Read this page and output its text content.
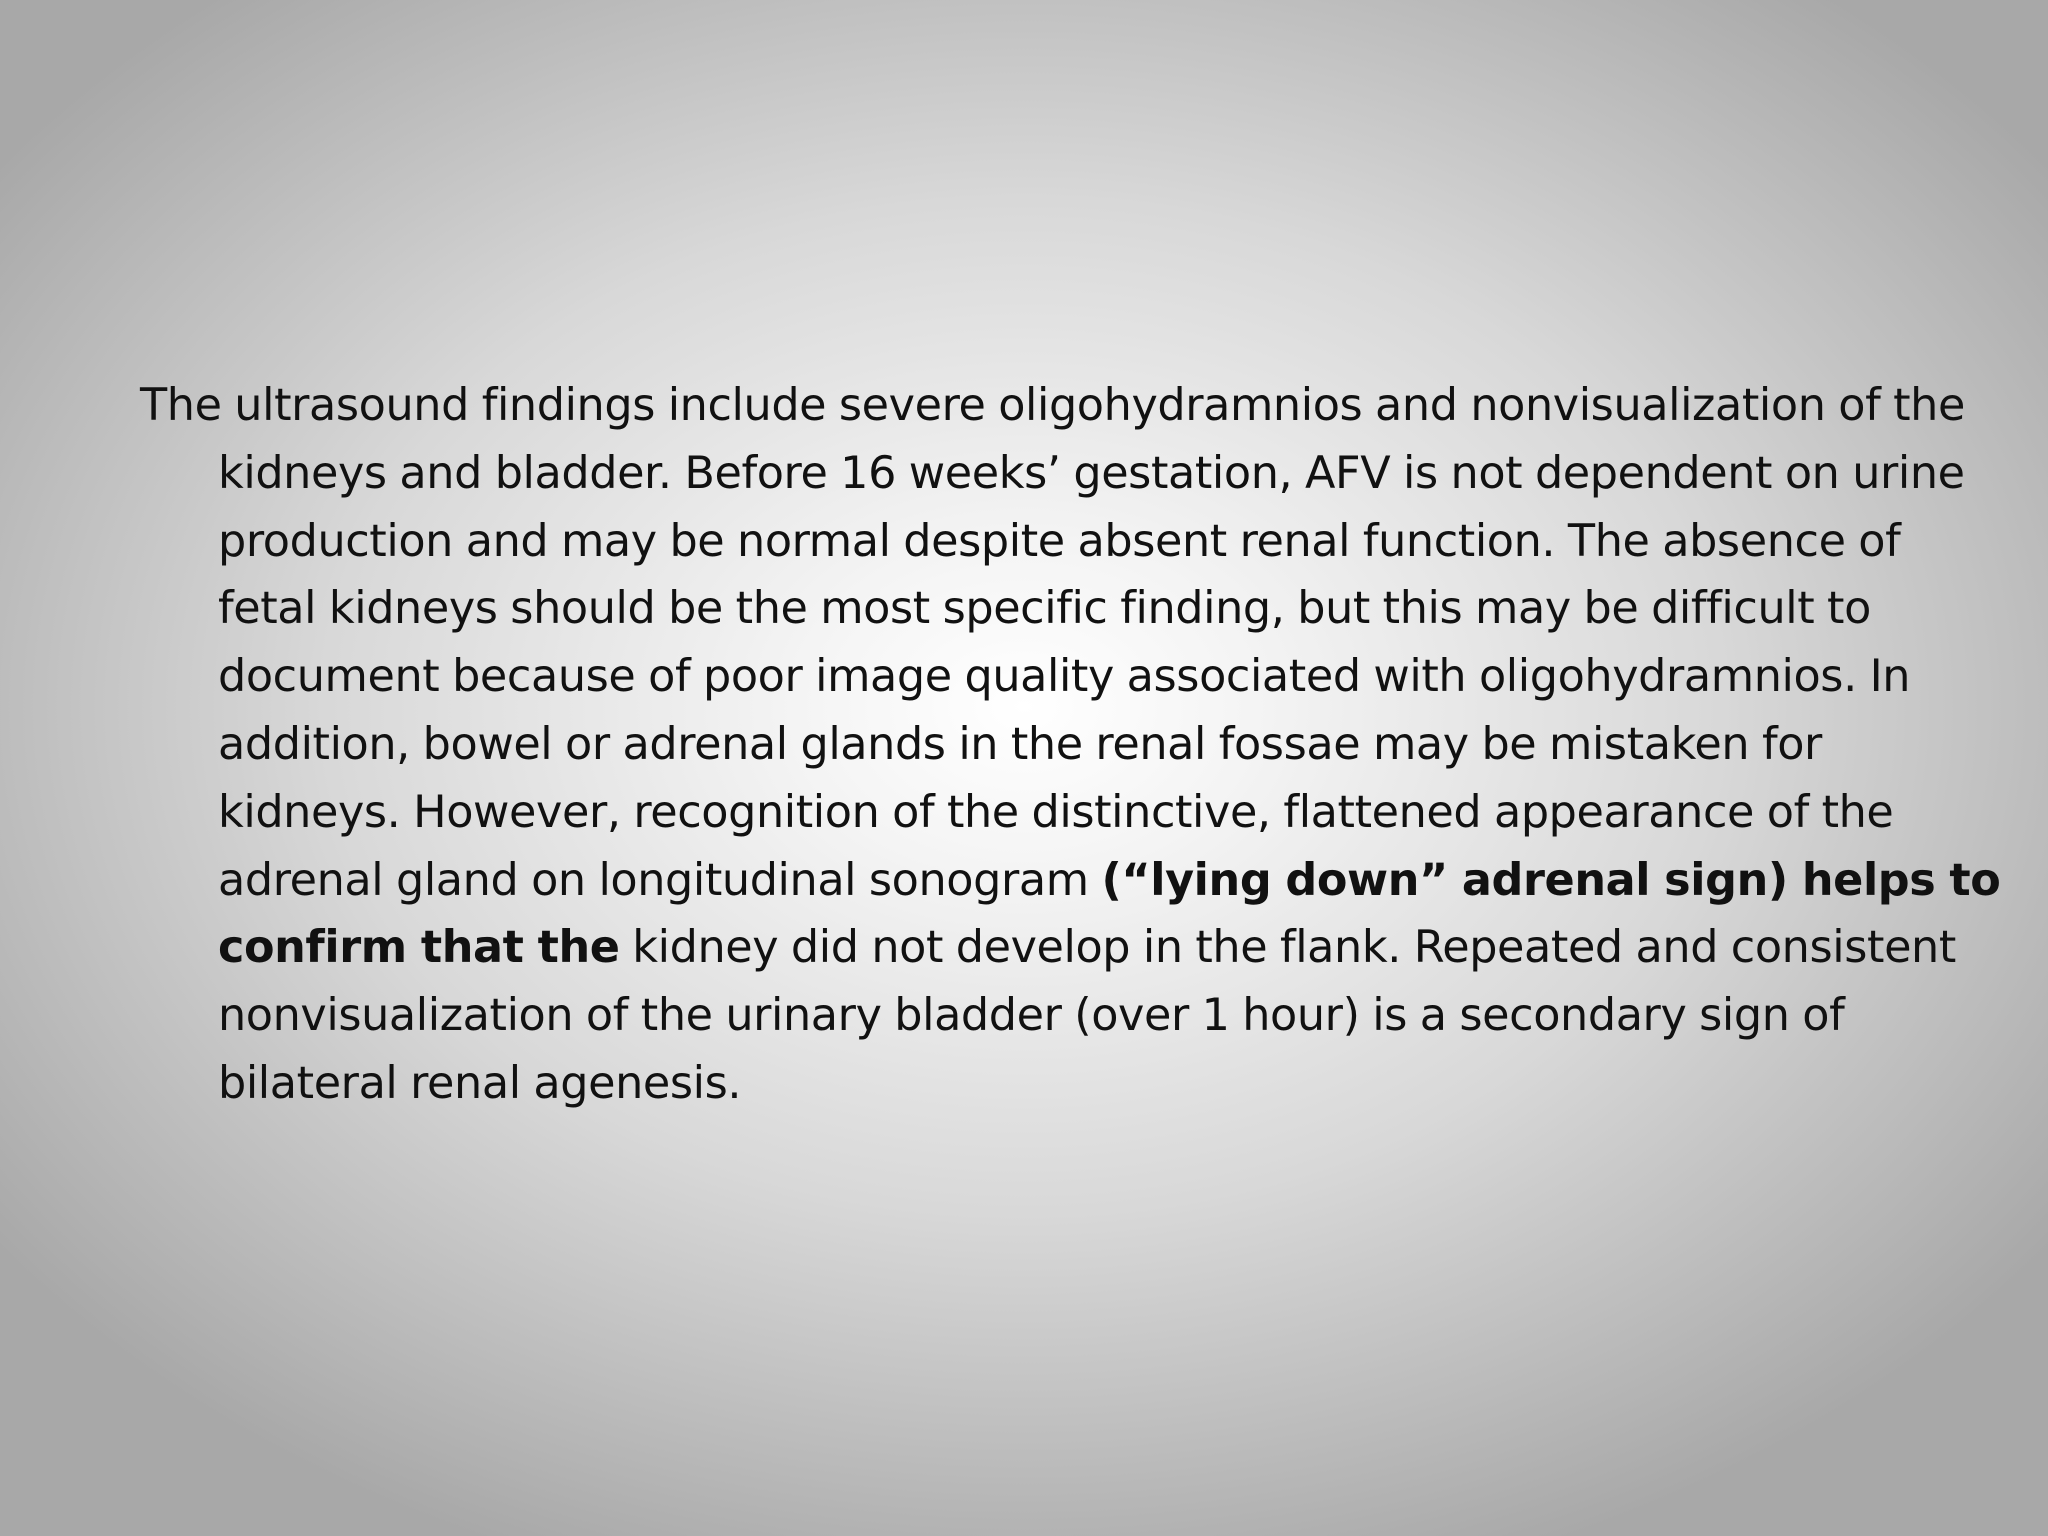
The ultrasound findings include severe oligohydramnios and nonvisualization of the kidneys and bladder. Before 16 weeks’ gestation, AFV is not dependent on urine production and may be normal despite absent renal function. The absence of fetal kidneys should be the most specific finding, but this may be difficult to document because of poor image quality associated with oligohydramnios. In addition, bowel or adrenal glands in the renal fossae may be mistaken for kidneys. However, recognition of the distinctive, flattened appearance of the adrenal gland on longitudinal sonogram (“lying down” adrenal sign) helps to confirm that the kidney did not develop in the flank. Repeated and consistent nonvisualization of the urinary bladder (over 1 hour) is a secondary sign of bilateral renal agenesis.
